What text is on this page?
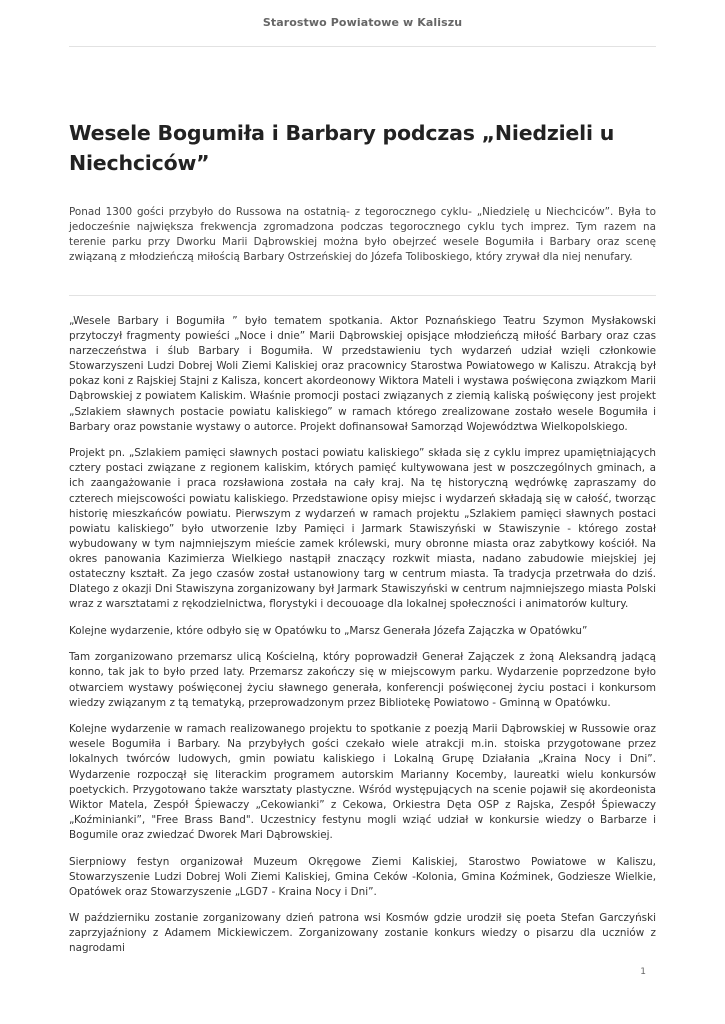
Starostwo Powiatowe w Kaliszu
Wesele Bogumiła i Barbary podczas „Niedzieli u Niechciców”

Ponad 1300 gości przybyło do Russowa na ostatnią- z tegorocznego cyklu- „Niedzielę u Niechciców”. Była to jedocześnie największa frekwencja zgromadzona podczas tegorocznego cyklu tych imprez. Tym razem na terenie parku przy Dworku Marii Dąbrowskiej można było obejrzeć wesele Bogumiła i Barbary oraz scenę związaną z młodzieńczą miłością Barbary Ostrzeńskiej do Józefa Toliboskiego, który zrywał dla niej nenufary.

„Wesele Barbary i Bogumiła ” było tematem spotkania. Aktor Poznańskiego Teatru Szymon Mysłakowski przytoczył fragmenty powieści „Noce i dnie” Marii Dąbrowskiej opisjące młodzieńczą miłość Barbary oraz czas narzeczeństwa i ślub Barbary i Bogumiła. W przedstawieniu tych wydarzeń udział wzięli członkowie Stowarzyszeni Ludzi Dobrej Woli Ziemi Kaliskiej oraz pracownicy Starostwa Powiatowego w Kaliszu. Atrakcją był pokaz koni z Rajskiej Stajni z Kalisza, koncert akordeonowy Wiktora Mateli i wystawa poświęcona związkom Marii Dąbrowskiej z powiatem Kaliskim. Właśnie promocji postaci związanych z ziemią kaliską poświęcony jest projekt „Szlakiem sławnych postacie powiatu kaliskiego” w ramach którego zrealizowane zostało wesele Bogumiła i Barbary oraz powstanie wystawy o autorce. Projekt dofinansował Samorząd Województwa Wielkopolskiego.

Projekt pn. „Szlakiem pamięci sławnych postaci powiatu kaliskiego” składa się z cyklu imprez upamiętniających cztery postaci związane z regionem kaliskim, których pamięć kultywowana jest w poszczególnych gminach, a ich zaangażowanie i praca rozsławiona została na cały kraj. Na tę historyczną wędrówkę zapraszamy do czterech miejscowości powiatu kaliskiego. Przedstawione opisy miejsc i wydarzeń składają się w całość, tworząc historię mieszkańców powiatu. Pierwszym z wydarzeń w ramach projektu „Szlakiem pamięci sławnych postaci powiatu kaliskiego” było utworzenie Izby Pamięci i Jarmark Stawiszyński w Stawiszynie - którego został wybudowany w tym najmniejszym mieście zamek królewski, mury obronne miasta oraz zabytkowy kościół. Na okres panowania Kazimierza Wielkiego nastąpił znaczący rozkwit miasta, nadano zabudowie miejskiej jej ostateczny kształt. Za jego czasów został ustanowiony targ w centrum miasta. Ta tradycja przetrwała do dziś. Dlatego z okazji Dni Stawiszyna zorganizowany był Jarmark Stawiszyński w centrum najmniejszego miasta Polski wraz z warsztatami z rękodzielnictwa, florystyki i decouoage dla lokalnej społeczności i animatorów kultury.

Kolejne wydarzenie, które odbyło się w Opatówku to „Marsz Generała Józefa Zajączka w Opatówku”

Tam zorganizowano przemarsz ulicą Kościelną, który poprowadził Generał Zajączek z żoną Aleksandrą jadącą konno, tak jak to było przed laty. Przemarsz zakończy się w miejscowym parku. Wydarzenie poprzedzone było otwarciem wystawy poświęconej życiu sławnego generała, konferencji poświęconej życiu postaci i konkursom wiedzy związanym z tą tematyką, przeprowadzonym przez Bibliotekę Powiatowo - Gminną w Opatówku.

Kolejne wydarzenie w ramach realizowanego projektu to spotkanie z poezją Marii Dąbrowskiej w Russowie oraz wesele Bogumiła i Barbary. Na przybyłych gości czekało wiele atrakcji m.in. stoiska przygotowane przez lokalnych twórców ludowych, gmin powiatu kaliskiego i Lokalną Grupę Działania „Kraina Nocy i Dni”. Wydarzenie rozpoczął się literackim programem autorskim Marianny Kocemby, laureatki wielu konkursów poetyckich. Przygotowano także warsztaty plastyczne. Wśród występujących na scenie pojawił się akordeonista Wiktor Matela, Zespół Śpiewaczy „Cekowianki” z Cekowa, Orkiestra Dęta OSP z Rajska, Zespół Śpiewaczy „Koźminianki”, "Free Brass Band". Uczestnicy festynu mogli wziąć udział w konkursie wiedzy o Barbarze i Bogumile oraz zwiedzać Dworek Mari Dąbrowskiej.

Sierpniowy festyn organizował Muzeum Okręgowe Ziemi Kaliskiej, Starostwo Powiatowe w Kaliszu, Stowarzyszenie Ludzi Dobrej Woli Ziemi Kaliskiej, Gmina Ceków -Kolonia, Gmina Koźminek, Godziesze Wielkie, Opatówek oraz Stowarzyszenie „LGD7 - Kraina Nocy i Dni”.

W październiku zostanie zorganizowany dzień patrona wsi Kosmów gdzie urodził się poeta Stefan Garczyński zaprzyjaźniony z Adamem Mickiewiczem. Zorganizowany zostanie konkurs wiedzy o pisarzu dla uczniów z nagrodami

1
